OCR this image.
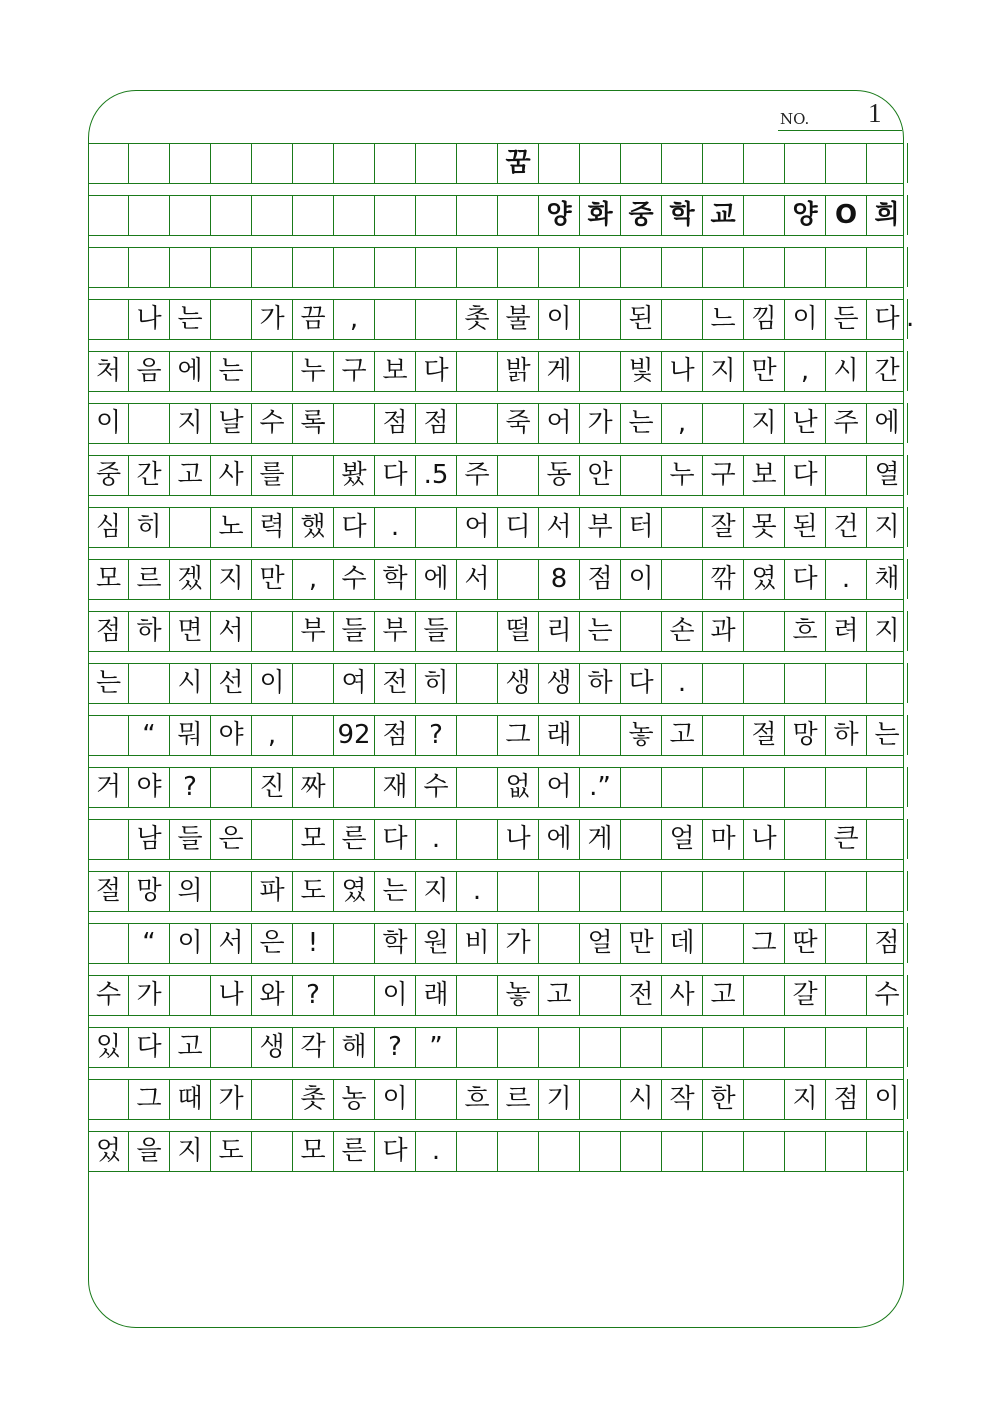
NO. 1
꿈
양 화 중 학 교	양 O 희
나 는	가 끔 ,	촛 불 이	된	느 낌 이 든 다 .
처 음 에 는	누 구 보 다	밝 게	빛 나 지 만 , 시 간
이	지 날 수 록	점 점	죽 어 가 는 ,	지 난 주 에
중 간 고 사 를	봤 다 .5 주	동 안	누 구 보 다	열
심 히	노 력 했 다 .	어 디 서 부 터	잘 못 된 건 지
모 르 겠 지 만 , 수 학 에 서	8 점 이	깎 였 다 . 채
점 하 면 서	부 들 부 들	떨 리 는	손 과	흐 려 지
는	시 선 이	여 전 히	생 생 하 다 .
“ 뭐 야 ,	92 점 ?	그 래	놓 고	절 망 하 는
거 야 ?	진 짜	재 수	없 어 .”
남 들 은	모 른 다 .	나 에 게	얼 마 나	큰
절 망 의	파 도 였 는 지 .
“ 이 서 은 !	학 원 비 가	얼 만 데	그 딴	점
수 가	나 와 ?	이 래	놓 고	전 사 고	갈	수
있 다 고	생 각 해 ?	”
그 때 가	촛 농 이	흐 르 기	시 작 한	지 점 이
었 을 지 도	모 른 다 .
